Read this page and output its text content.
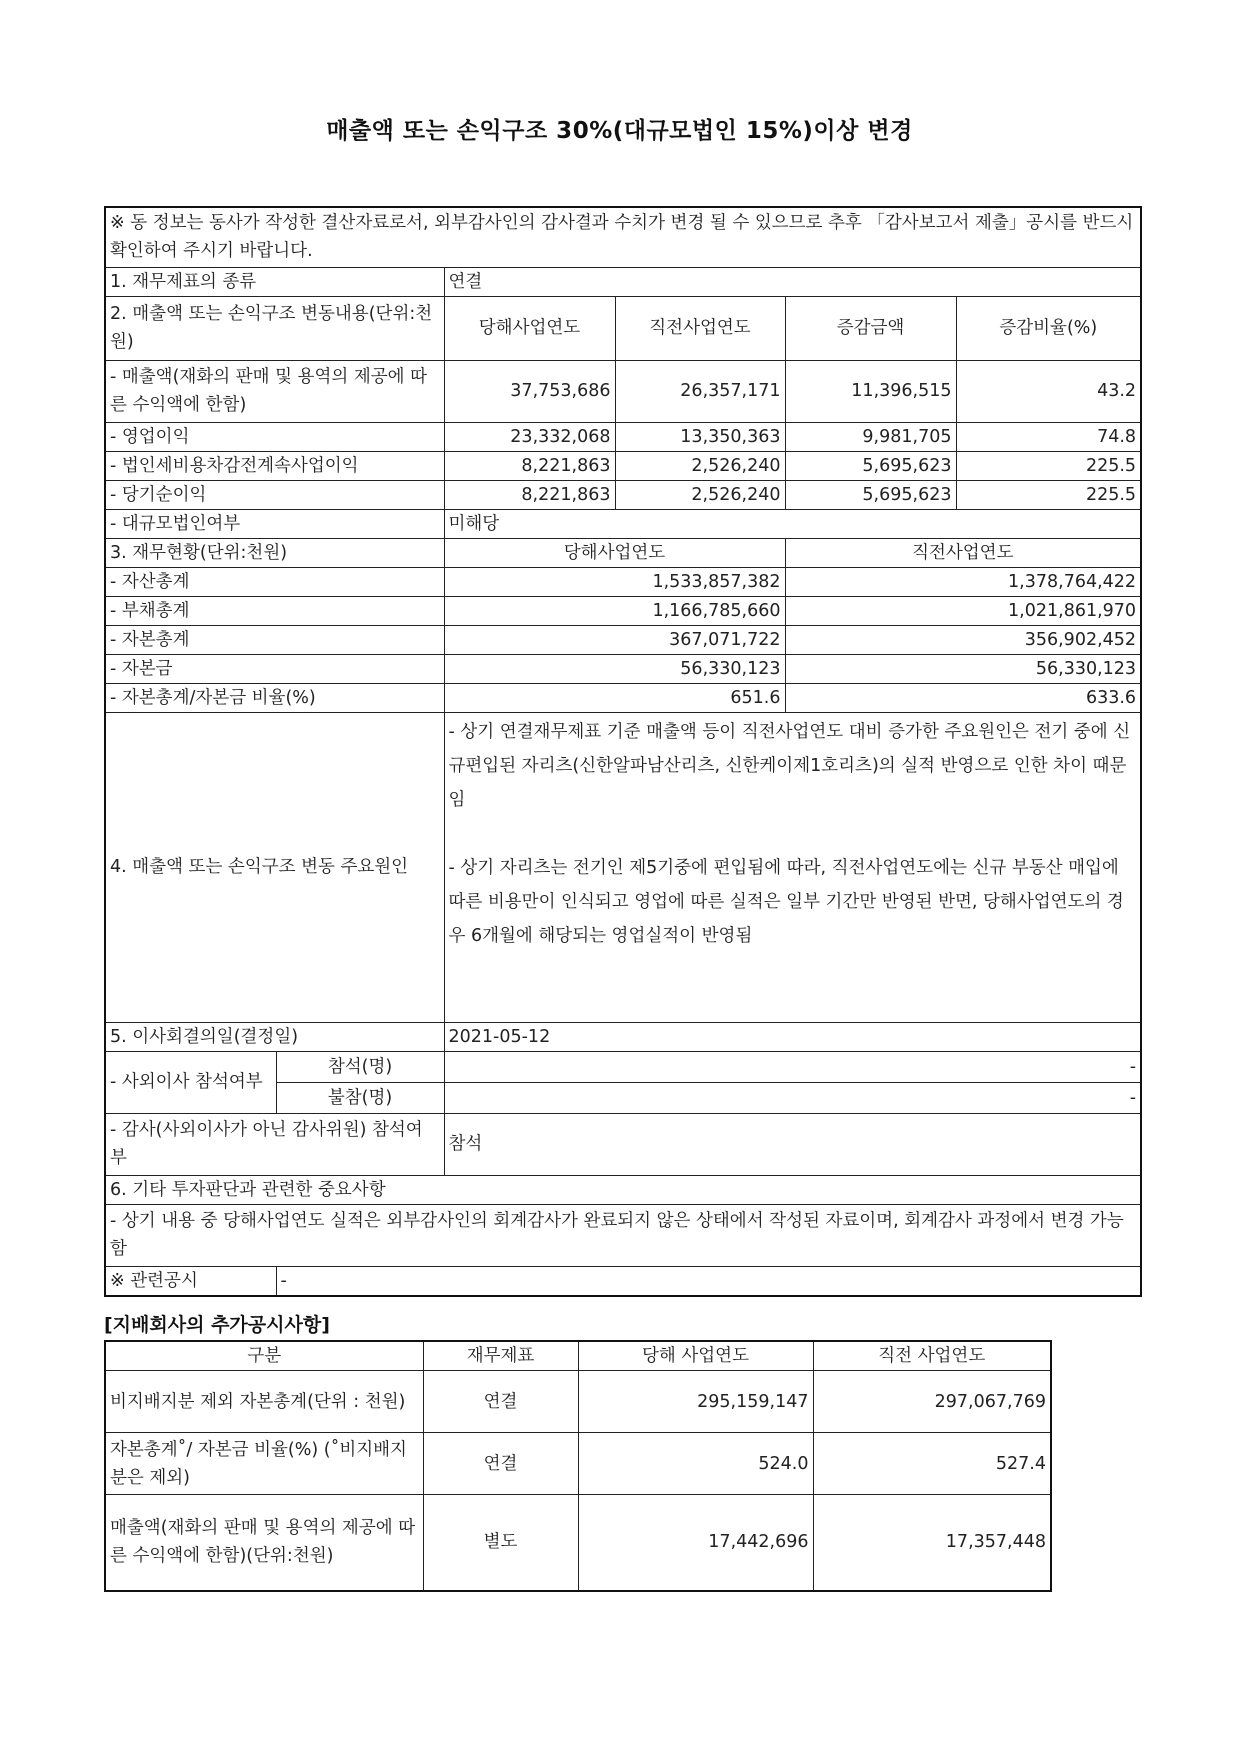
매출액 또는 손익구조 30%(대규모법인 15%)이상 변경
※ 동 정보는 동사가 작성한 결산자료로서, 외부감사인의 감사결과 수치가 변경 될 수 있으므로 추후 「감사보고서 제출」공시를 반드시 확인하여 주시기 바랍니다.					
1. 재무제표의 종류		연결			
2. 매출액 또는 손익구조 변동내용(단위:천원)		당해사업연도	직전사업연도	증감금액	증감비율(%)
- 매출액(재화의 판매 및 용역의 제공에 따른 수익액에 한함)		37,753,686	26,357,171	11,396,515	43.2
- 영업이익		23,332,068	13,350,363	9,981,705	74.8
- 법인세비용차감전계속사업이익		8,221,863	2,526,240	5,695,623	225.5
- 당기순이익		8,221,863	2,526,240	5,695,623	225.5
- 대규모법인여부		미해당			
3. 재무현황(단위:천원)		당해사업연도		직전사업연도	
- 자산총계		1,533,857,382		1,378,764,422	
- 부채총계		1,166,785,660		1,021,861,970	
- 자본총계		367,071,722		356,902,452	
- 자본금		56,330,123		56,330,123	
- 자본총계/자본금 비율(%)		651.6		633.6	
4. 매출액 또는 손익구조 변동 주요원인		- 상기 연결재무제표 기준 매출액 등이 직전사업연도 대비 증가한 주요원인은 전기 중에 신규편입된 자리츠(신한알파남산리츠, 신한케이제1호리츠)의 실적 반영으로 인한 차이 때문임

- 상기 자리츠는 전기인 제5기중에 편입됨에 따라, 직전사업연도에는 신규 부동산 매입에 따른 비용만이 인식되고 영업에 따른 실적은 일부 기간만 반영된 반면, 당해사업연도의 경우 6개월에 해당되는 영업실적이 반영됨			

5. 이사회결의일(결정일)		2021-05-12			
- 사외이사 참석여부	참석(명)	-			
	불참(명)	-			
- 감사(사외이사가 아닌 감사위원) 참석여부		참석			
6. 기타 투자판단과 관련한 중요사항					
- 상기 내용 중 당해사업연도 실적은 외부감사인의 회계감사가 완료되지 않은 상태에서 작성된 자료이며, 회계감사 과정에서 변경 가능함					
※ 관련공시	-				
[지배회사의 추가공시사항]
구분	재무제표	당해 사업연도	직전 사업연도
비지배지분 제외 자본총계(단위 : 천원)	연결	295,159,147	297,067,769
자본총계˚/ 자본금 비율(%) (˚비지배지분은 제외)	연결	524.0	527.4
매출액(재화의 판매 및 용역의 제공에 따른 수익액에 한함)(단위:천원)	별도	17,442,696	17,357,448
